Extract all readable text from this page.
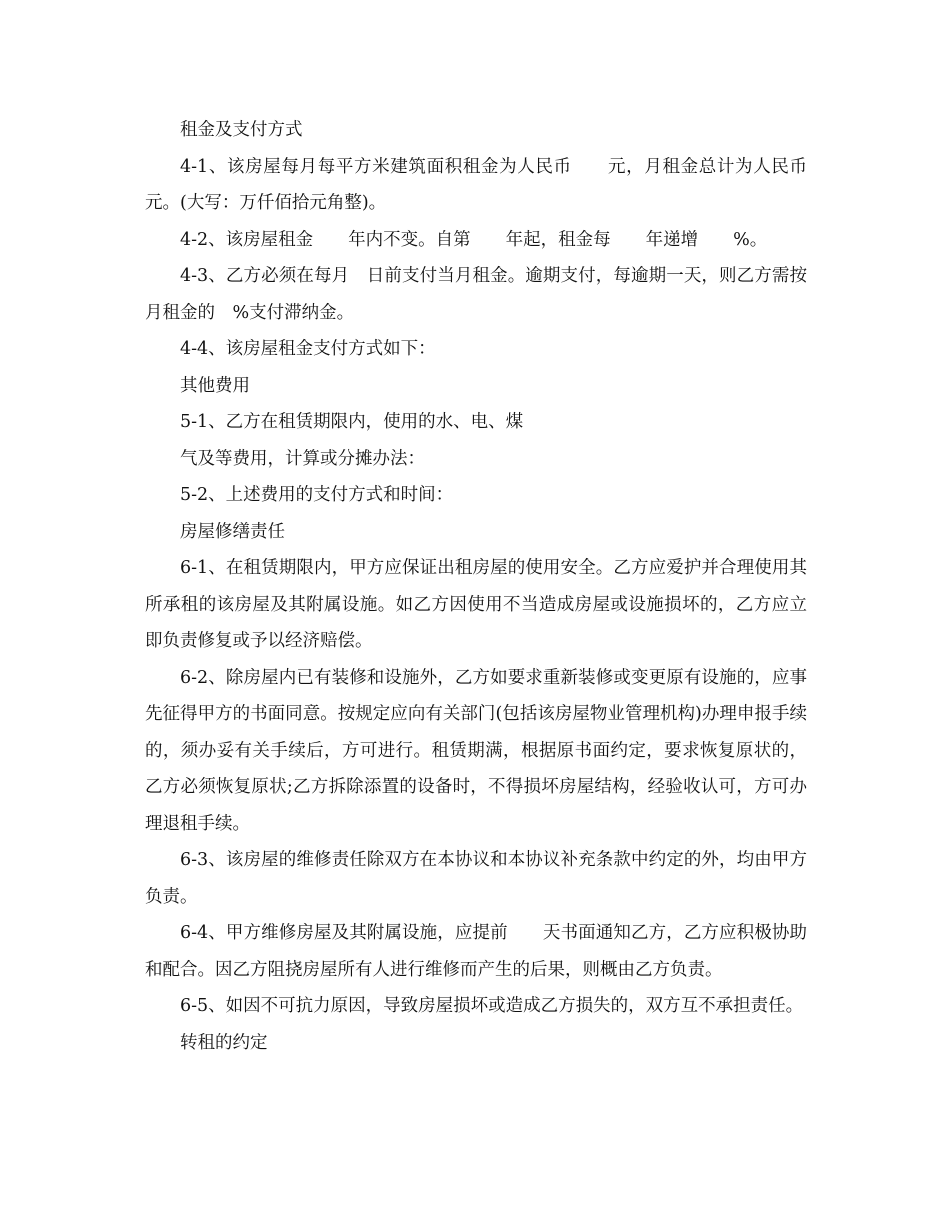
租金及支付方式

4-1、该房屋每月每平方米建筑面积租金为人民币　　元，月租金总计为人民币　元。(大写：万仟佰拾元角整)。

4-2、该房屋租金　　年内不变。自第　　年起，租金每　　年递增　　%。

4-3、乙方必须在每月　日前支付当月租金。逾期支付，每逾期一天，则乙方需按月租金的　%支付滞纳金。

4-4、该房屋租金支付方式如下：

其他费用

5-1、乙方在租赁期限内，使用的水、电、煤

气及等费用，计算或分摊办法：

5-2、上述费用的支付方式和时间：

房屋修缮责任

6-1、在租赁期限内，甲方应保证出租房屋的使用安全。乙方应爱护并合理使用其所承租的该房屋及其附属设施。如乙方因使用不当造成房屋或设施损坏的，乙方应立即负责修复或予以经济赔偿。

6-2、除房屋内已有装修和设施外，乙方如要求重新装修或变更原有设施的，应事先征得甲方的书面同意。按规定应向有关部门(包括该房屋物业管理机构)办理申报手续的，须办妥有关手续后，方可进行。租赁期满，根据原书面约定，要求恢复原状的，乙方必须恢复原状;乙方拆除添置的设备时，不得损坏房屋结构，经验收认可，方可办理退租手续。

6-3、该房屋的维修责任除双方在本协议和本协议补充条款中约定的外，均由甲方负责。

6-4、甲方维修房屋及其附属设施，应提前　　天书面通知乙方，乙方应积极协助和配合。因乙方阻挠房屋所有人进行维修而产生的后果，则概由乙方负责。

6-5、如因不可抗力原因，导致房屋损坏或造成乙方损失的，双方互不承担责任。

转租的约定
